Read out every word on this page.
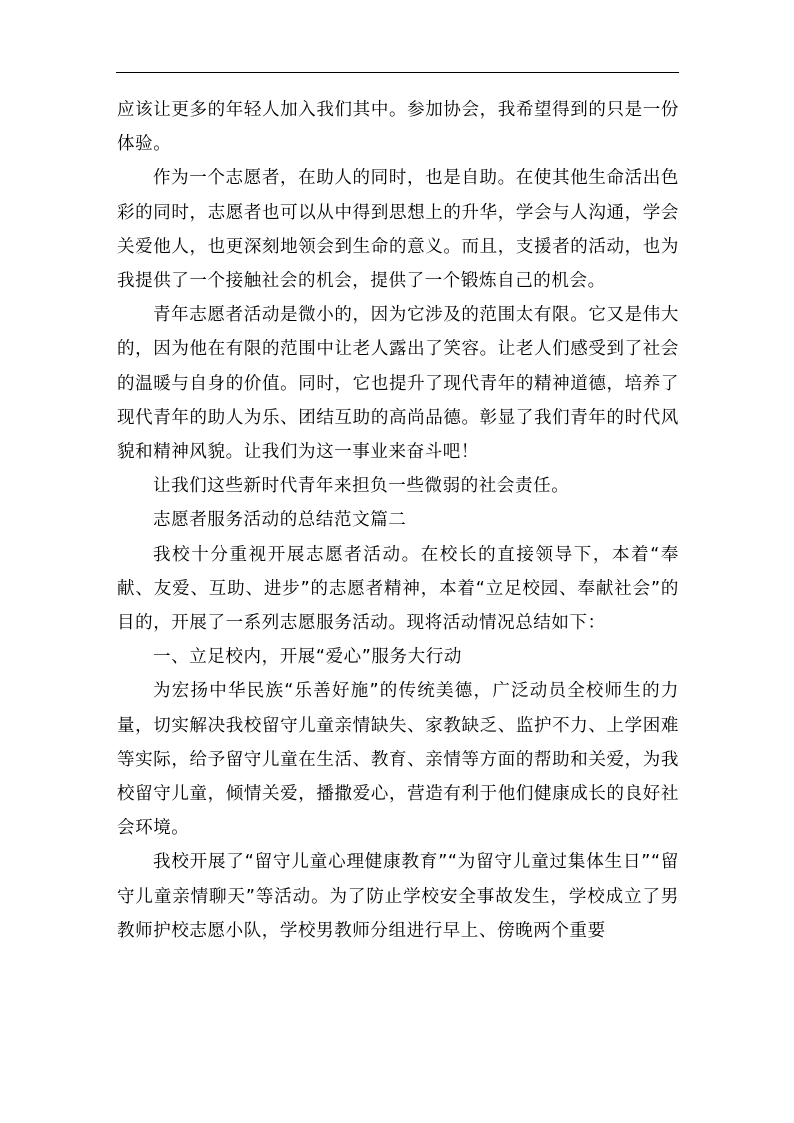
应该让更多的年轻人加入我们其中。参加协会，我希望得到的只是一份体验。

作为一个志愿者，在助人的同时，也是自助。在使其他生命活出色彩的同时，志愿者也可以从中得到思想上的升华，学会与人沟通，学会关爱他人，也更深刻地领会到生命的意义。而且，支援者的活动，也为我提供了一个接触社会的机会，提供了一个锻炼自己的机会。

青年志愿者活动是微小的，因为它涉及的范围太有限。它又是伟大的，因为他在有限的范围中让老人露出了笑容。让老人们感受到了社会的温暖与自身的价值。同时，它也提升了现代青年的精神道德，培养了现代青年的助人为乐、团结互助的高尚品德。彰显了我们青年的时代风貌和精神风貌。让我们为这一事业来奋斗吧！

让我们这些新时代青年来担负一些微弱的社会责任。

志愿者服务活动的总结范文篇二

我校十分重视开展志愿者活动。在校长的直接领导下，本着“奉献、友爱、互助、进步”的志愿者精神，本着“立足校园、奉献社会”的目的，开展了一系列志愿服务活动。现将活动情况总结如下：

一、立足校内，开展“爱心”服务大行动

为宏扬中华民族“乐善好施”的传统美德，广泛动员全校师生的力量，切实解决我校留守儿童亲情缺失、家教缺乏、监护不力、上学困难等实际，给予留守儿童在生活、教育、亲情等方面的帮助和关爱，为我校留守儿童，倾情关爱，播撒爱心，营造有利于他们健康成长的良好社会环境。

我校开展了“留守儿童心理健康教育”“为留守儿童过集体生日”“留守儿童亲情聊天”等活动。为了防止学校安全事故发生，学校成立了男教师护校志愿小队，学校男教师分组进行早上、傍晚两个重要
